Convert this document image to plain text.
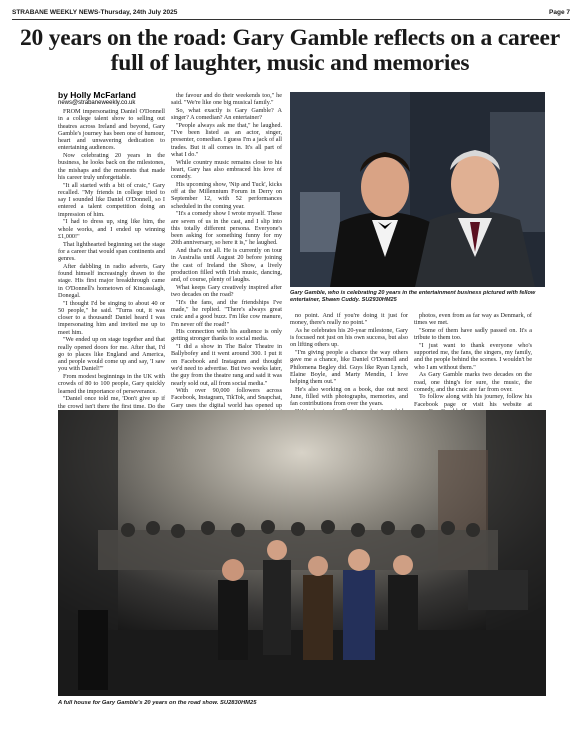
STRABANE WEEKLY NEWS-Thursday, 24th July 2025	Page 7
20 years on the road: Gary Gamble reflects on a career full of laughter, music and memories
by Holly McFarland
news@strabaneweekly.co.uk

FROM impersonating Daniel O'Donnell in a college talent show to selling out theatres across Ireland and beyond, Gary Gamble's journey has been one of humour, heart and unwavering dedication to entertaining audiences.

Now celebrating 20 years in the business, he looks back on the milestones, the mishaps and the moments that made his career truly unforgettable.

"It all started with a bit of craic," Gary recalled. "My friends in college tried to say I sounded like Daniel O'Donnell, so I entered a talent competition doing an impression of him.

"I had to dress up, sing like him, the whole works, and I ended up winning £1,000!"

That lighthearted beginning set the stage for a career that would span continents and genres.

After dabbling in radio adverts, Gary found himself increasingly drawn to the stage. His first major breakthrough came in O'Donnell's hometown of Kincasslagh, Donegal.

"I thought I'd be singing to about 40 or 50 people," he said. "Turns out, it was closer to a thousand! Daniel heard I was impersonating him and invited me up to meet him.

"We ended up on stage together and that really opened doors for me. After that, I'd go to places like England and America, and people would come up and say, 'I saw you with Daniel!'"

From modest beginnings in the UK with crowds of 80 to 100 people, Gary quickly learned the importance of perseverance.

"Daniel once told me, 'Don't give up if the crowd isn't there the first time. Do the

the favour and do their weekends too," he said. "We're like one big musical family."

So, what exactly is Gary Gamble? A singer? A comedian? An entertainer?

"People always ask me that," he laughed. "I've been listed as an actor, singer, presenter, comedian. I guess I'm a jack of all trades. But it all comes in. It's all part of what I do."

While country music remains close to his heart, Gary has also embraced his love of comedy.

His upcoming show, 'Nip and Tuck', kicks off at the Millennium Forum in Derry on September 12, with 52 performances scheduled in the coming year.

"It's a comedy show I wrote myself. These are seven of us in the cast, and I slip into this totally different persona. Everyone's been asking for something funny for my 20th anniversary, so here it is," he laughed.

And that's not all. He is currently on tour in Australia until August 20 before joining the cast of Ireland the Show, a lively production filled with Irish music, dancing, and, of course, plenty of laughs.

What keeps Gary creatively inspired after two decades on the road?

"It's the fans, and the friendships I've made," he replied. "There's always great craic and a good buzz. I'm like cow manure, I'm never off the road!"

His connection with his audience is only getting stronger thanks to social media.

"I did a show in The Balor Theatre in Ballybofey and it went around 300. I put it on Facebook and Instagram and thought we'd need to advertise. But two weeks later, the guy from the theatre rang and said it was nearly sold out, all from social media."

With over 90,000 followers across Facebook, Instagram, TikTok, and Snapchat, Gary uses the digital world has opened up

Gary Gamble, who is celebrating 20 years in the entertainment business pictured with fellow entertainer, Shawn Cuddy. SU2930HM25

no point. And if you're doing it just for money, there's really no point."

As he celebrates his 20-year milestone, Gary is focused not just on his own success, but also on lifting others up.

"I'm giving people a chance the way others gave me a chance, like Daniel O'Donnell and Philomena Begley did. Guys like Ryan Lynch, Elaine Boyle, and Marty Mendin, I love helping them out."

He's also working on a book, due out next June, filled with photographs, memories, and fan contributions from over the years.

photos, even from as far way as Denmark, of times we met.

"Some of them have sadly passed on. It's a tribute to them too.

"I just want to thank everyone who's supported me, the fans, the singers, my family, and the people behind the scenes. I wouldn't be who I am without them."

As Gary Gamble marks two decades on the road, one thing's for sure, the music, the comedy, and the craic are far from over.

To follow along with his journey, follow his Facebook page or visit his website at

A full house for Gary Gamble's 20 years on the road show. SU2830HM25
